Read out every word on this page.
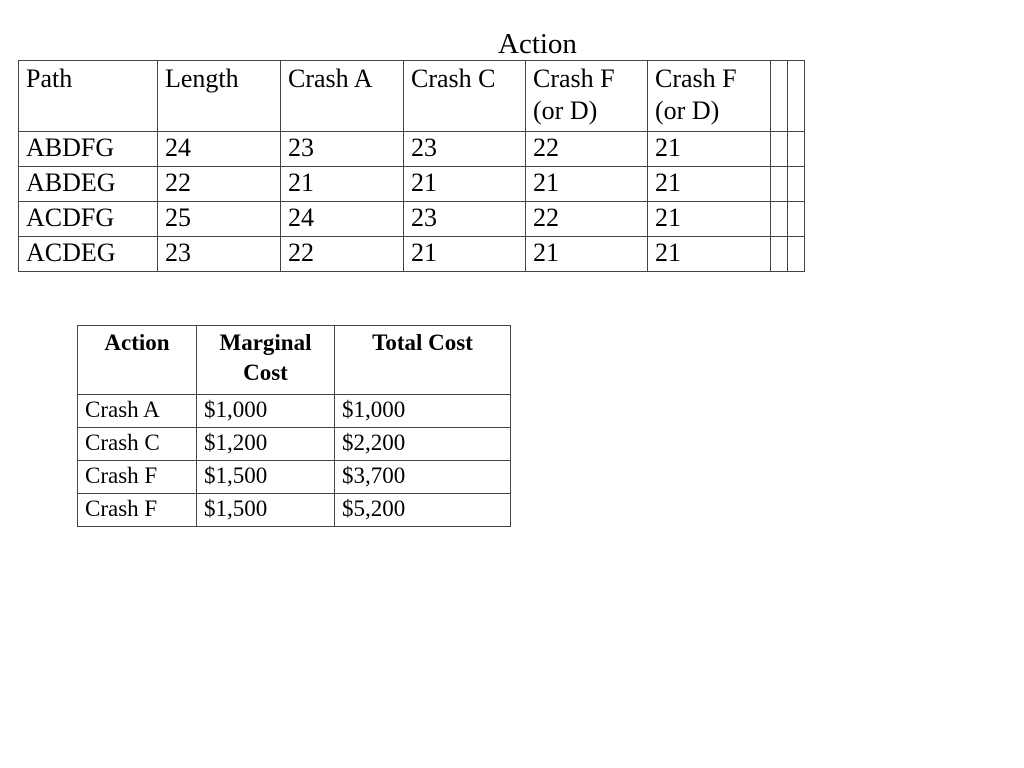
Action
Path	Length	Crash A	Crash C	Crash F (or D)	Crash F (or D)		
ABDFG	24	23	23	22	21		
ABDEG	22	21	21	21	21		
ACDFG	25	24	23	22	21		
ACDEG	23	22	21	21	21		
Action	Marginal Cost	Total Cost
Crash A	$1,000	$1,000
Crash C	$1,200	$2,200
Crash F	$1,500	$3,700
Crash F	$1,500	$5,200
